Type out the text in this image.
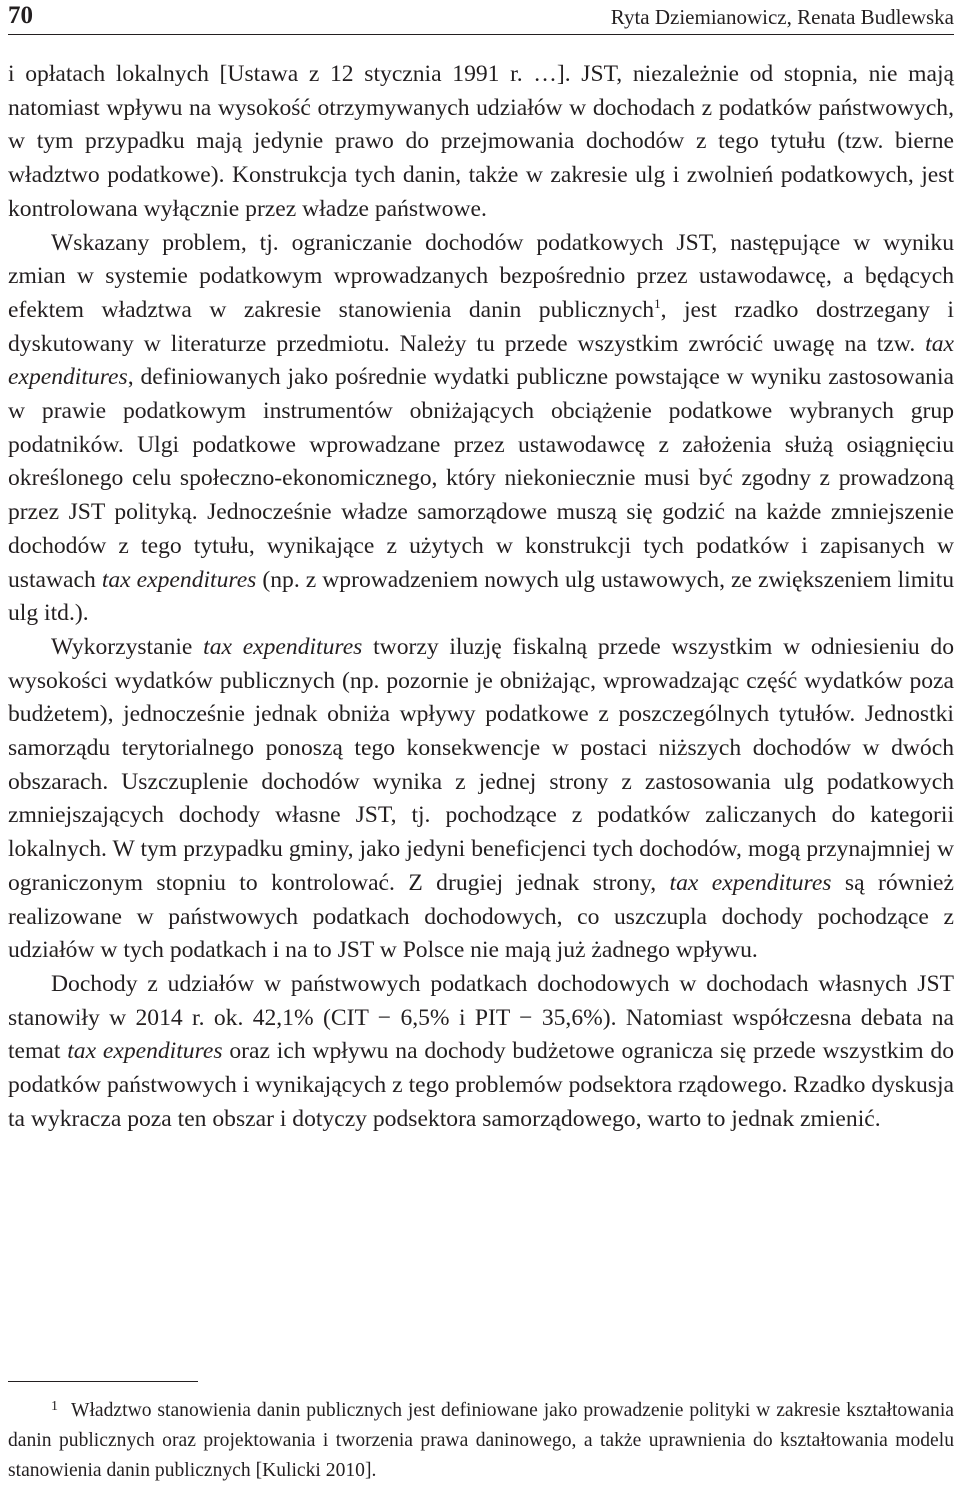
70	Ryta Dziemianowicz, Renata Budlewska

i opłatach lokalnych [Ustawa z 12 stycznia 1991 r. …]. JST, niezależnie od stopnia, nie mają natomiast wpływu na wysokość otrzymywanych udziałów w dochodach z podatków państwowych, w tym przypadku mają jedynie prawo do przejmowania dochodów z tego tytułu (tzw. bierne władztwo podatkowe). Konstrukcja tych danin, także w zakresie ulg i zwolnień podatkowych, jest kontrolowana wyłącznie przez władze państwowe.

Wskazany problem, tj. ograniczanie dochodów podatkowych JST, następujące w wyniku zmian w systemie podatkowym wprowadzanych bezpośrednio przez ustawodawcę, a będących efektem władztwa w zakresie stanowienia danin publicznych$^1$, jest rzadko dostrzegany i dyskutowany w literaturze przedmiotu. Należy tu przede wszystkim zwrócić uwagę na tzw. tax expenditures, definiowanych jako pośrednie wydatki publiczne powstające w wyniku zastosowania w prawie podatkowym instrumentów obniżających obciążenie podatkowe wybranych grup podatników. Ulgi podatkowe wprowadzane przez ustawodawcę z założenia służą osiągnięciu określonego celu społeczno-ekonomicznego, który niekoniecznie musi być zgodny z prowadzoną przez JST polityką. Jednocześnie władze samorządowe muszą się godzić na każde zmniejszenie dochodów z tego tytułu, wynikające z użytych w konstrukcji tych podatków i zapisanych w ustawach tax expenditures (np. z wprowadzeniem nowych ulg ustawowych, ze zwiększeniem limitu ulg itd.).

Wykorzystanie tax expenditures tworzy iluzję fiskalną przede wszystkim w odniesieniu do wysokości wydatków publicznych (np. pozornie je obniżając, wprowadzając część wydatków poza budżetem), jednocześnie jednak obniża wpływy podatkowe z poszczególnych tytułów. Jednostki samorządu terytorialnego ponoszą tego konsekwencje w postaci niższych dochodów w dwóch obszarach. Uszczuplenie dochodów wynika z jednej strony z zastosowania ulg podatkowych zmniejszających dochody własne JST, tj. pochodzące z podatków zaliczanych do kategorii lokalnych. W tym przypadku gminy, jako jedyni beneficjenci tych dochodów, mogą przynajmniej w ograniczonym stopniu to kontrolować. Z drugiej jednak strony, tax expenditures są również realizowane w państwowych podatkach dochodowych, co uszczupla dochody pochodzące z udziałów w tych podatkach i na to JST w Polsce nie mają już żadnego wpływu.

Dochody z udziałów w państwowych podatkach dochodowych w dochodach własnych JST stanowiły w 2014 r. ok. 42,1% (CIT − 6,5% i PIT − 35,6%). Natomiast współczesna debata na temat tax expenditures oraz ich wpływu na dochody budżetowe ogranicza się przede wszystkim do podatków państwowych i wynikających z tego problemów podsektora rządowego. Rzadko dyskusja ta wykracza poza ten obszar i dotyczy podsektora samorządowego, warto to jednak zmienić.

1 Władztwo stanowienia danin publicznych jest definiowane jako prowadzenie polityki w zakresie kształtowania danin publicznych oraz projektowania i tworzenia prawa daninowego, a także uprawnienia do kształtowania modelu stanowienia danin publicznych [Kulicki 2010].
